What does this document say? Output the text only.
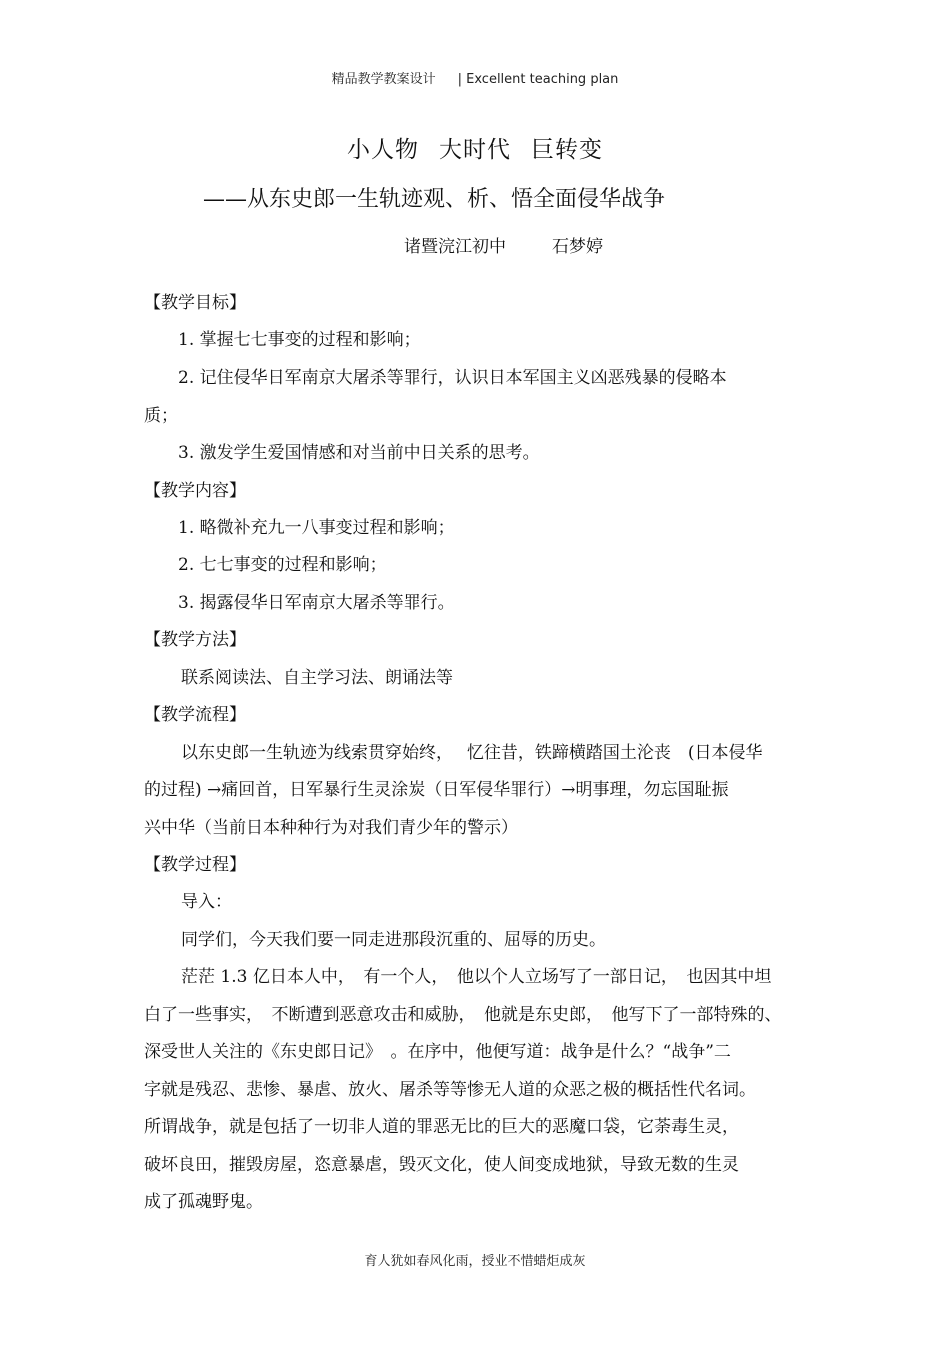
精品教学教案设计 | Excellent teaching plan
小人物 大时代 巨转变
——从东史郎一生轨迹观、析、悟全面侵华战争
诸暨浣江初中	石梦婷
【教学目标】
1. 掌握七七事变的过程和影响；
2. 记住侵华日军南京大屠杀等罪行，认识日本军国主义凶恶残暴的侵略本
质；
3. 激发学生爱国情感和对当前中日关系的思考。
【教学内容】
1. 略微补充九一八事变过程和影响；
2. 七七事变的过程和影响；
3. 揭露侵华日军南京大屠杀等罪行。
【教学方法】
联系阅读法、自主学习法、朗诵法等
【教学流程】
以东史郎一生轨迹为线索贯穿始终，　 忆往昔，铁蹄横踏国土沦丧　(日本侵华
的过程) →痛回首，日军暴行生灵涂炭（日军侵华罪行）→明事理，勿忘国耻振
兴中华（当前日本种种行为对我们青少年的警示）
【教学过程】
导入：
同学们，今天我们要一同走进那段沉重的、屈辱的历史。
茫茫 1.3 亿日本人中，　有一个人，　他以个人立场写了一部日记，　也因其中坦
白了一些事实，　不断遭到恶意攻击和威胁，　他就是东史郎，　他写下了一部特殊的、
深受世人关注的《东史郎日记》　。在序中，他便写道：战争是什么？“战争”二
字就是残忍、悲惨、暴虐、放火、屠杀等等惨无人道的众恶之极的概括性代名词。
所谓战争，就是包括了一切非人道的罪恶无比的巨大的恶魔口袋，它荼毒生灵，
破坏良田，摧毁房屋，恣意暴虐，毁灭文化，使人间变成地狱，导致无数的生灵
成了孤魂野鬼。
育人犹如春风化雨，授业不惜蜡炬成灰
